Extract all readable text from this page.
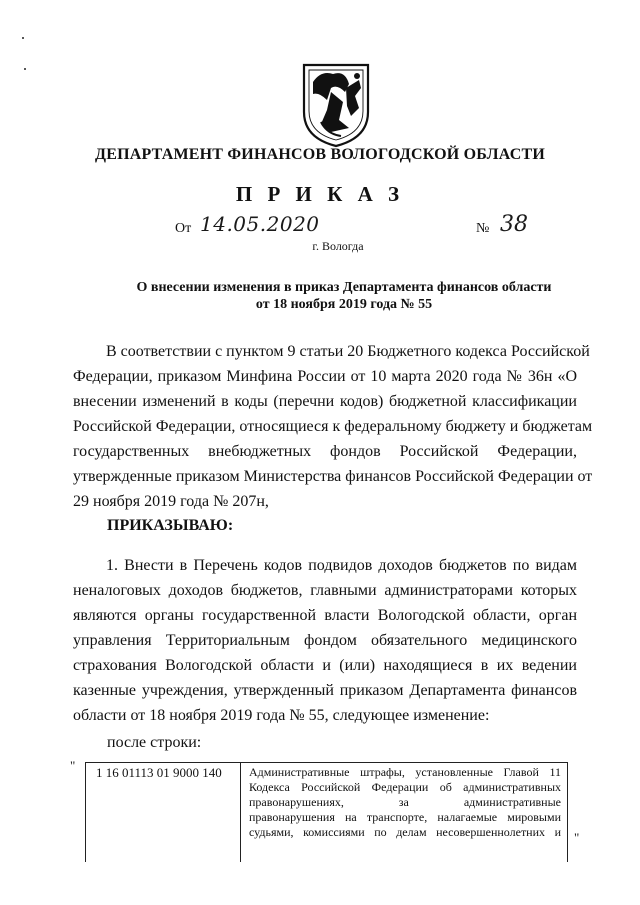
ДЕПАРТАМЕНТ ФИНАНСОВ ВОЛОГОДСКОЙ ОБЛАСТИ
П Р И К А З
От 14.05.2020	№ 38
г. Вологда
О внесении изменения в приказ Департамента финансов области
от 18 ноября 2019 года № 55
В соответствии с пунктом 9 статьи 20 Бюджетного кодекса Российской
Федерации, приказом Минфина России от 10 марта 2020 года № 36н «О
внесении изменений в коды (перечни кодов) бюджетной классификации
Российской Федерации, относящиеся к федеральному бюджету и бюджетам
государственных внебюджетных фондов Российской Федерации,
утвержденные приказом Министерства финансов Российской Федерации от
29 ноября 2019 года № 207н,
ПРИКАЗЫВАЮ:
1. Внести в Перечень кодов подвидов доходов бюджетов по видам
неналоговых доходов бюджетов, главными администраторами которых
являются органы государственной власти Вологодской области, орган
управления Территориальным фондом обязательного медицинского
страхования Вологодской области и (или) находящиеся в их ведении
казенные учреждения, утвержденный приказом Департамента финансов
области от 18 ноября 2019 года № 55, следующее изменение:
после строки:
"	1 16 01113 01 9000 140	Административные штрафы, установленные Главой 11
Кодекса Российской Федерации об административных
правонарушениях, за административные
правонарушения на транспорте, налагаемые мировыми
судьями, комиссиями по делам несовершеннолетних и "
